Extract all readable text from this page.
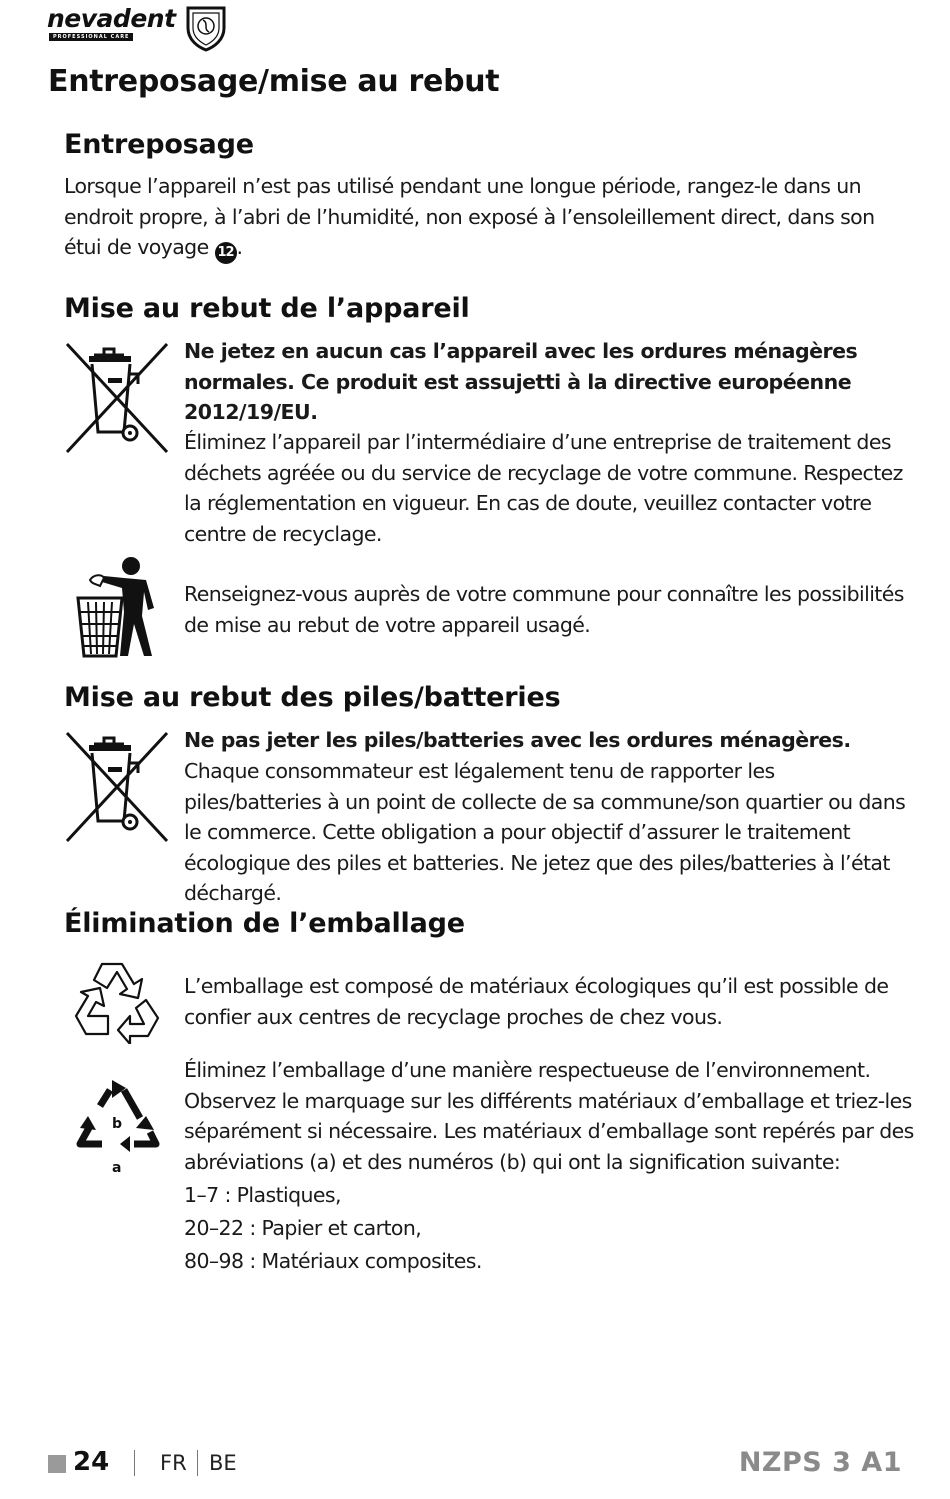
nevadent
PROFESSIONAL CARE
Entreposage/mise au rebut
Entreposage

Lorsque l’appareil n’est pas utilisé pendant une longue période, rangez-le dans un endroit propre, à l’abri de l’humidité, non exposé à l’ensoleillement direct, dans son étui de voyage 12 .

Mise au rebut de l’appareil

Ne jetez en aucun cas l’appareil avec les ordures ménagères normales. Ce produit est assujetti à la directive européenne 2012/19/EU.

Éliminez l’appareil par l’intermédiaire d’une entreprise de traitement des déchets agréée ou du service de recyclage de votre commune. Respectez la réglementation en vigueur. En cas de doute, veuillez contacter votre centre de recyclage.

Renseignez-vous auprès de votre commune pour connaître les possibilités de mise au rebut de votre appareil usagé.

Mise au rebut des piles/batteries

Ne pas jeter les piles/batteries avec les ordures ménagères.

Chaque consommateur est légalement tenu de rapporter les piles/batteries à un point de collecte de sa commune/son quartier ou dans le commerce. Cette obligation a pour objectif d’assurer le traitement écologique des piles et batteries. Ne jetez que des piles/batteries à l’état déchargé.

Élimination de l’emballage

L’emballage est composé de matériaux écologiques qu’il est possible de confier aux centres de recyclage proches de chez vous.

b
a

Éliminez l’emballage d’une manière respectueuse de l’environnement. Observez le marquage sur les différents matériaux d’emballage et triez-les séparément si nécessaire. Les matériaux d’emballage sont repérés par des abréviations (a) et des numéros (b) qui ont la signification suivante:

1–7 : Plastiques,

20–22 : Papier et carton,

80–98 : Matériaux composites.

24 FR BE	NZPS 3 A1
